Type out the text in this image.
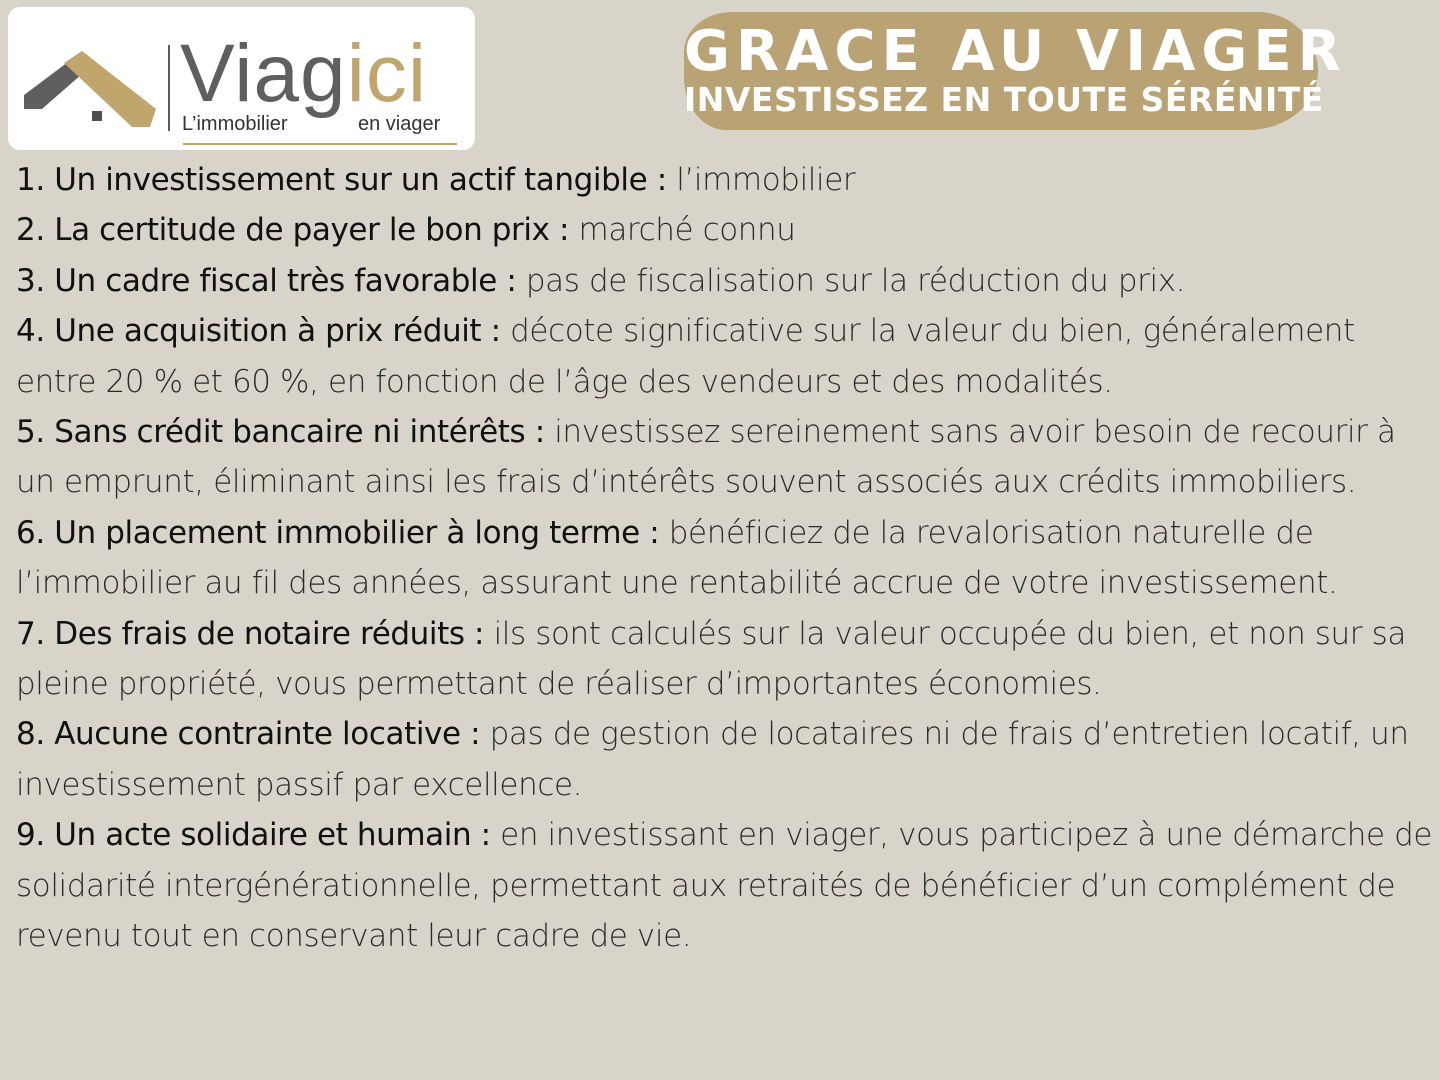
Viagici
L’immobilier	en viager
GRACE AU VIAGER
INVESTISSEZ EN TOUTE SÉRÉNITÉ
1. Un investissement sur un actif tangible : l’immobilier
2. La certitude de payer le bon prix : marché connu
3. Un cadre fiscal très favorable : pas de fiscalisation sur la réduction du prix.
4. Une acquisition à prix réduit : décote significative sur la valeur du bien, généralement entre 20 % et 60 %, en fonction de l’âge des vendeurs et des modalités.
5. Sans crédit bancaire ni intérêts : investissez sereinement sans avoir besoin de recourir à un emprunt, éliminant ainsi les frais d’intérêts souvent associés aux crédits immobiliers.
6. Un placement immobilier à long terme : bénéficiez de la revalorisation naturelle de l’immobilier au fil des années, assurant une rentabilité accrue de votre investissement.
7. Des frais de notaire réduits : ils sont calculés sur la valeur occupée du bien, et non sur sa pleine propriété, vous permettant de réaliser d’importantes économies.
8. Aucune contrainte locative : pas de gestion de locataires ni de frais d’entretien locatif, un investissement passif par excellence.
9. Un acte solidaire et humain : en investissant en viager, vous participez à une démarche de solidarité intergénérationnelle, permettant aux retraités de bénéficier d’un complément de revenu tout en conservant leur cadre de vie.
